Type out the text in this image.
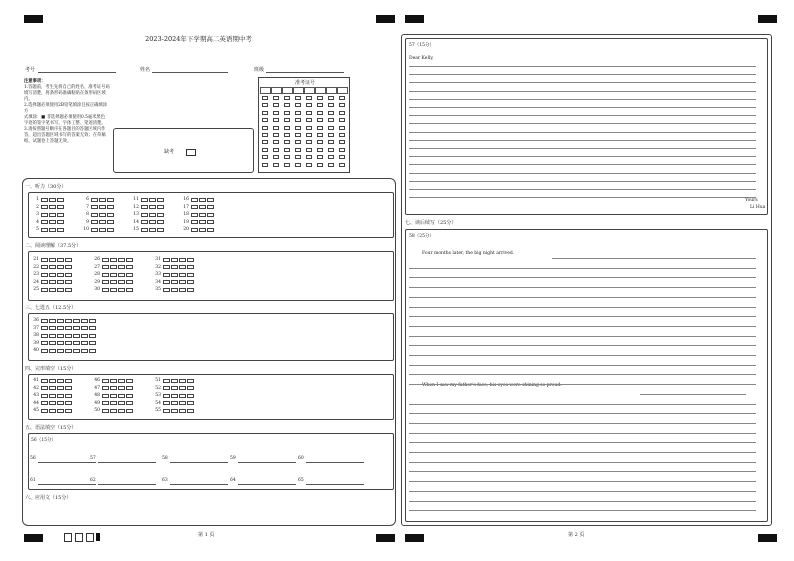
2023-2024年下学期高二英语期中考
考号	姓名	班级
注意事项：
1.答题前，考生先将自己的姓名、准考证号码
填写清楚，将条形码准确粘贴在条形码区域
内。
2.选择题必须使用2B铅笔填涂且按正确填涂方
式填涂：■ 非选择题必须使用0.5毫米黑色
字迹的签字笔书写，字体工整、笔迹清楚。
3.请按照题号顺序在各题目的答题区域内作
答，超出答题区域书写的答案无效；在草稿
纸、试题卷上答题无效。
缺考
准考证号
一、听力（30分）
1
2
3
4
5
6
7
8
9
10
11
12
13
14
15
16
17
18
19
20
二、阅读理解（37.5分）
21
22
23
24
25
26
27
28
29
30
31
32
33
34
35
三、七选五（12.5分）
36
37
38
39
40
四、完形填空（15分）
41
42
43
44
45
46
47
48
49
50
51
52
53
54
55
五、语法填空（15分）
56（15分）
56	57	58	59	60
61	62	63	64	65
六、应用文（15分）
第 1 页
57（15分）
Dear Kelly,
Yours
Li Hua
七、读后续写（25分）
58（25分）
Four months later, the big night arrived.
When I saw my father’s face, his eyes were shining so proud.
第 2 页
